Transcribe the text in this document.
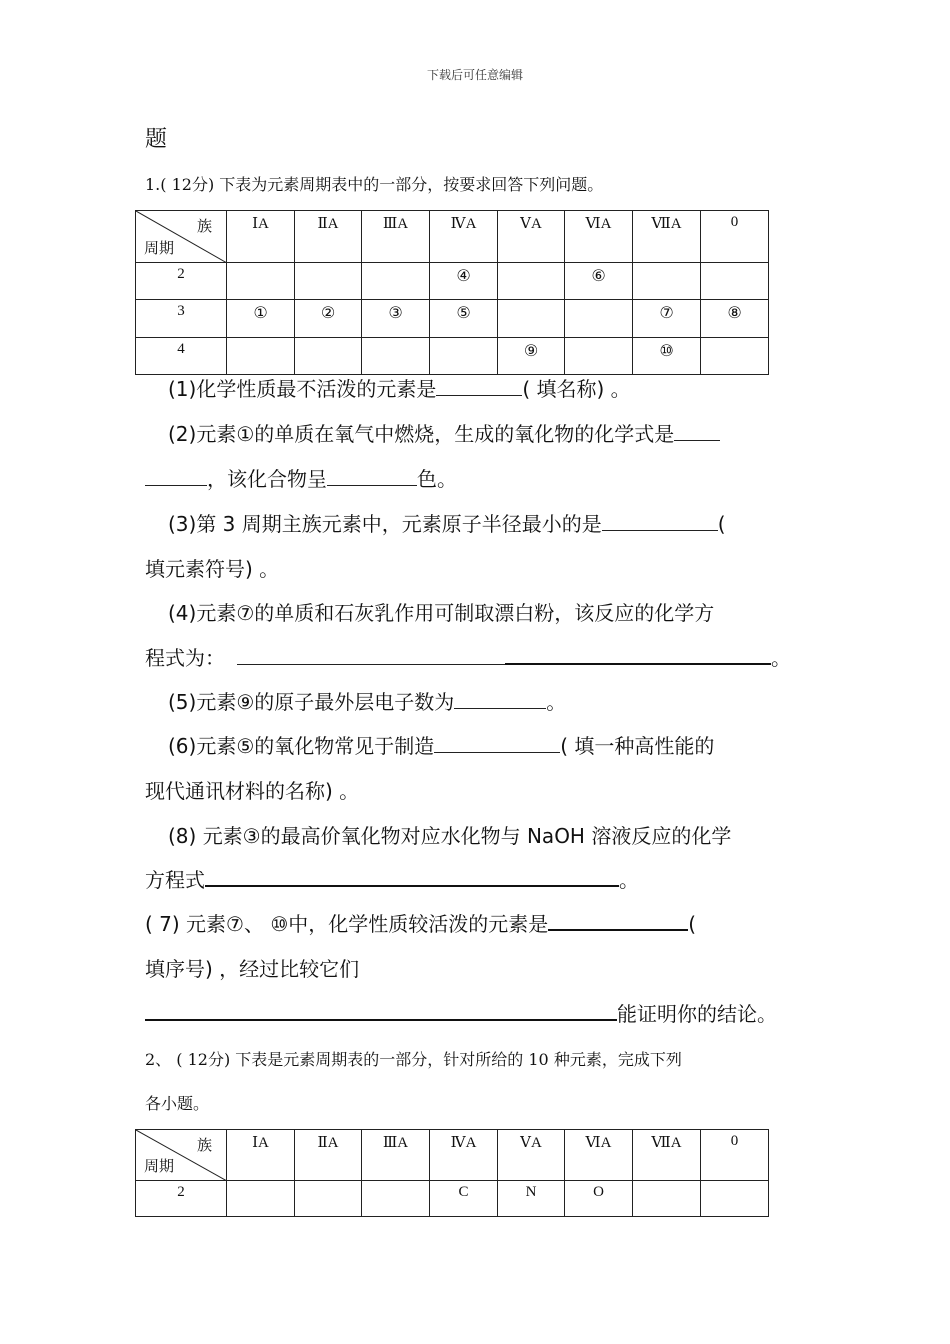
下载后可任意编辑
题
1.( 12分) 下表为元素周期表中的一部分，按要求回答下列问题。
族
周期	ⅠA	ⅡA	ⅢA	ⅣA	ⅤA	ⅥA	ⅦA	0
2				④		⑥		
3	①	②	③	⑤			⑦	⑧
4					⑨		⑩	
(1)化学性质最不活泼的元素是	( 填名称) 。
(2)元素①的单质在氧气中燃烧，生成的氧化物的化学式是
，该化合物呈	色。
(3)第 3 周期主族元素中，元素原子半径最小的是	(
填元素符号) 。
(4)元素⑦的单质和石灰乳作用可制取漂白粉，该反应的化学方
程式为：	。
(5)元素⑨的原子最外层电子数为	。
(6)元素⑤的氧化物常见于制造	( 填一种高性能的
现代通讯材料的名称) 。
(8) 元素③的最高价氧化物对应水化物与 NaOH 溶液反应的化学
方程式	。
( 7) 元素⑦、 ⑩中，化学性质较活泼的元素是	(
填序号) ，经过比较它们
能证明你的结论。
2、 ( 12分) 下表是元素周期表的一部分，针对所给的 10 种元素，完成下列
各小题。
族
周期	ⅠA	ⅡA	ⅢA	ⅣA	ⅤA	ⅥA	ⅦA	0
2				C	N	O		
